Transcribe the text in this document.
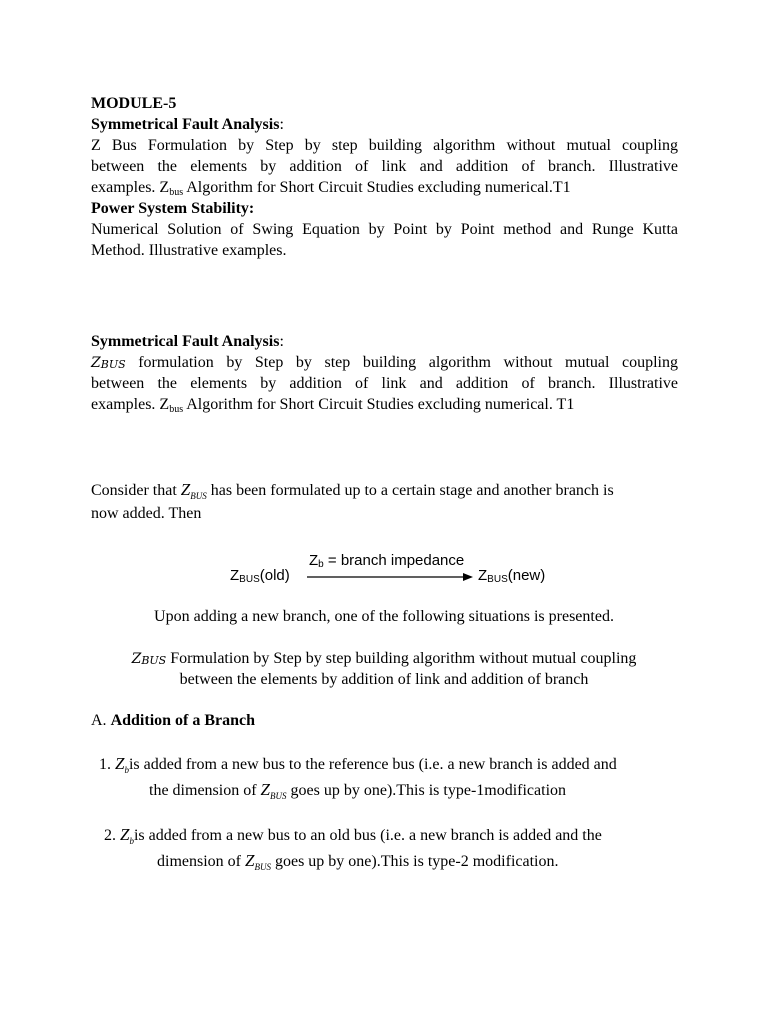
MODULE-5
Symmetrical Fault Analysis:
Z Bus Formulation by Step by step building algorithm without mutual coupling
between the elements by addition of link and addition of branch. Illustrative
examples. $Z_{bus}$ Algorithm for Short Circuit Studies excluding numerical.T1
Power System Stability:
Numerical Solution of Swing Equation by Point by Point method and Runge Kutta
Method. Illustrative examples.
Symmetrical Fault Analysis:
$Z_{BUS}$ formulation by Step by step building algorithm without mutual coupling
between the elements by addition of link and addition of branch. Illustrative
examples. $Z_{bus}$ Algorithm for Short Circuit Studies excluding numerical. T1
Consider that $Z_{BUS}$ has been formulated up to a certain stage and another branch is
now added. Then
ZBUS(old)
Zb = branch impedance
ZBUS(new)
Upon adding a new branch, one of the following situations is presented.
$Z_{BUS}$ Formulation by Step by step building algorithm without mutual coupling
between the elements by addition of link and addition of branch
A. Addition of a Branch
1. $Z_bis$ added from a new bus to the reference bus (i.e. a new branch is added and
the dimension of $Z_{BUS}$ goes up by one).This is type-1modification
2. $Z_bis$ added from a new bus to an old bus (i.e. a new branch is added and the
dimension of $Z_{BUS}$ goes up by one).This is type-2 modification.
